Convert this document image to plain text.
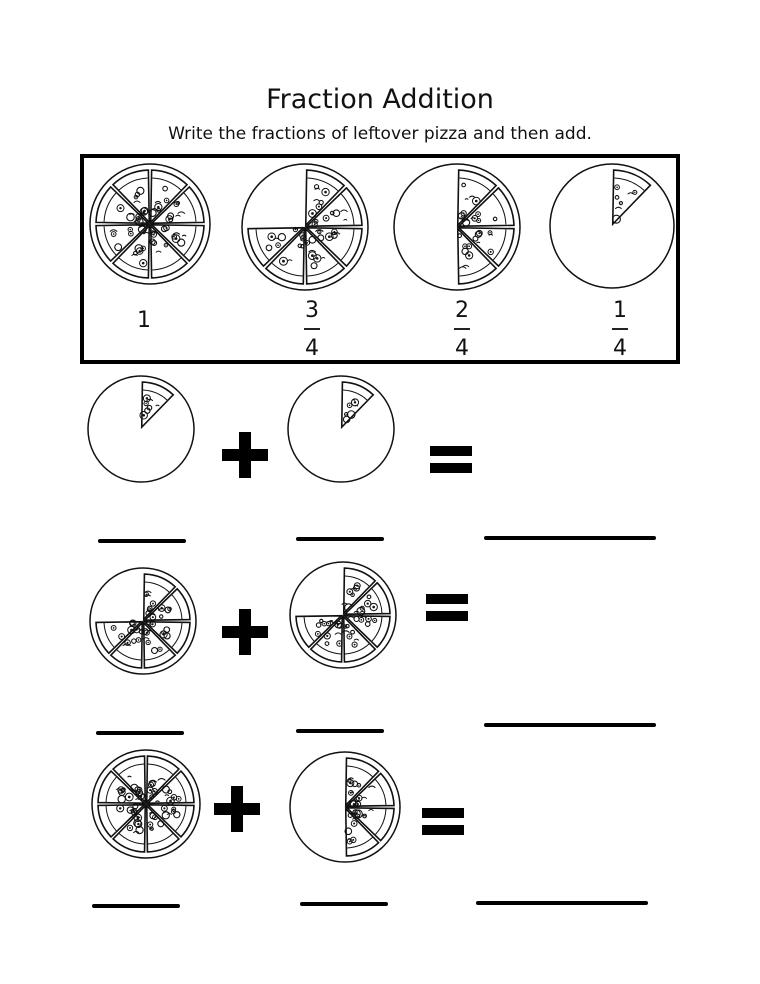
Fraction Addition
Write the fractions of leftover pizza and then add.
1	3
4
2
4
1
4
